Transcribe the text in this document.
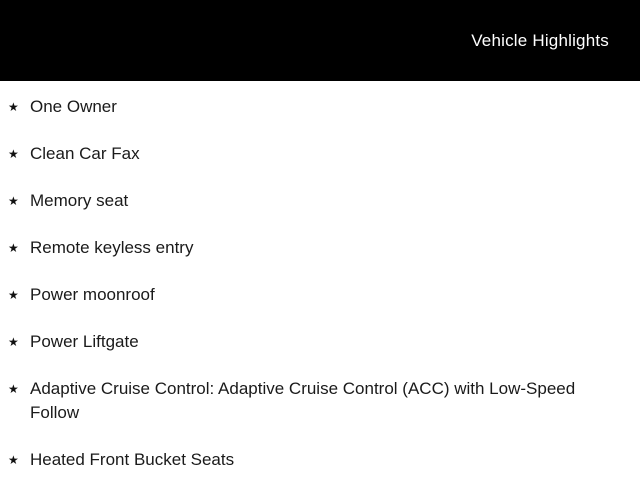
Vehicle Highlights
★ One Owner
★ Clean Car Fax
★ Memory seat
★ Remote keyless entry
★ Power moonroof
★ Power Liftgate
★ Adaptive Cruise Control: Adaptive Cruise Control (ACC) with Low-Speed Follow
★ Heated Front Bucket Seats
